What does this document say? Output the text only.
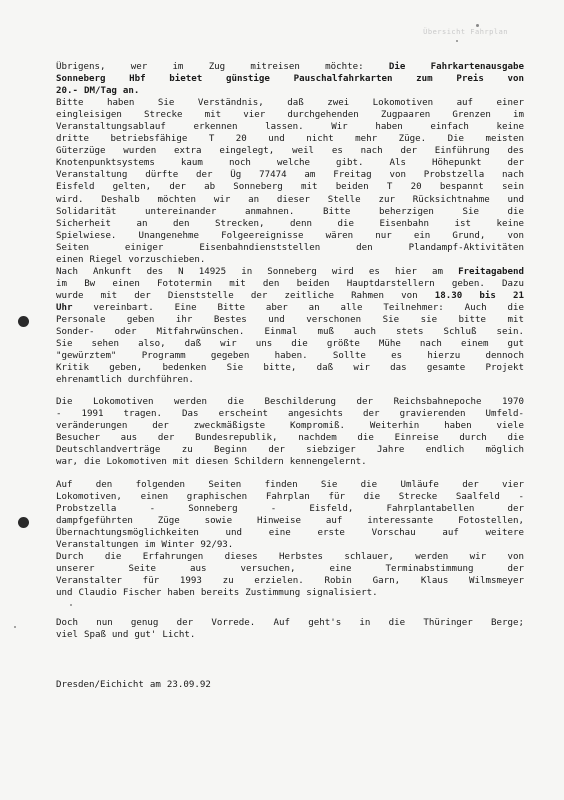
Übersicht Fahrplan
Übrigens, wer im Zug mitreisen möchte: Die Fahrkartenausgabe
Sonneberg Hbf bietet günstige Pauschalfahrkarten zum Preis von
20.- DM/Tag an.
Bitte haben Sie Verständnis, daß zwei Lokomotiven auf einer
eingleisigen Strecke mit vier durchgehenden Zugpaaren Grenzen im
Veranstaltungsablauf erkennen lassen. Wir haben einfach keine
dritte betriebsfähige T 20 und nicht mehr Züge. Die meisten
Güterzüge wurden extra eingelegt, weil es nach der Einführung des
Knotenpunktsystems kaum noch welche gibt. Als Höhepunkt der
Veranstaltung dürfte der Üg 77474 am Freitag von Probstzella nach
Eisfeld gelten, der ab Sonneberg mit beiden T 20 bespannt sein
wird. Deshalb möchten wir an dieser Stelle zur Rücksichtnahme und
Solidarität untereinander anmahnen. Bitte beherzigen Sie die
Sicherheit an den Strecken, denn die Eisenbahn ist keine
Spielwiese. Unangenehme Folgeereignisse wären nur ein Grund, von
Seiten einiger Eisenbahndienststellen den Plandampf-Aktivitäten
einen Riegel vorzuschieben.
Nach Ankunft des N 14925 in Sonneberg wird es hier am Freitagabend
im Bw einen Fototermin mit den beiden Hauptdarstellern geben. Dazu
wurde mit der Dienststelle der zeitliche Rahmen von 18.30 bis 21
Uhr vereinbart. Eine Bitte aber an alle Teilnehmer: Auch die
Personale geben ihr Bestes und verschonen Sie sie bitte mit
Sonder- oder Mitfahrwünschen. Einmal muß auch stets Schluß sein.
Sie sehen also, daß wir uns die größte Mühe nach einem gut
"gewürztem" Programm gegeben haben. Sollte es hierzu dennoch
Kritik geben, bedenken Sie bitte, daß wir das gesamte Projekt
ehrenamtlich durchführen.
Die Lokomotiven werden die Beschilderung der Reichsbahnepoche 1970
- 1991 tragen. Das erscheint angesichts der gravierenden Umfeld-
veränderungen der zweckmäßigste Kompromiß. Weiterhin haben viele
Besucher aus der Bundesrepublik, nachdem die Einreise durch die
Deutschlandverträge zu Beginn der siebziger Jahre endlich möglich
war, die Lokomotiven mit diesen Schildern kennengelernt.
Auf den folgenden Seiten finden Sie die Umläufe der vier
Lokomotiven, einen graphischen Fahrplan für die Strecke Saalfeld -
Probstzella - Sonneberg - Eisfeld, Fahrplantabellen der
dampfgeführten Züge sowie Hinweise auf interessante Fotostellen,
Übernachtungsmöglichkeiten und eine erste Vorschau auf weitere
Veranstaltungen im Winter 92/93.
Durch die Erfahrungen dieses Herbstes schlauer, werden wir von
unserer Seite aus versuchen, eine Terminabstimmung der
Veranstalter für 1993 zu erzielen. Robin Garn, Klaus Wilmsmeyer
und Claudio Fischer haben bereits Zustimmung signalisiert.
Doch nun genug der Vorrede. Auf geht's in die Thüringer Berge;
viel Spaß und gut' Licht.
Dresden/Eichicht am 23.09.92
